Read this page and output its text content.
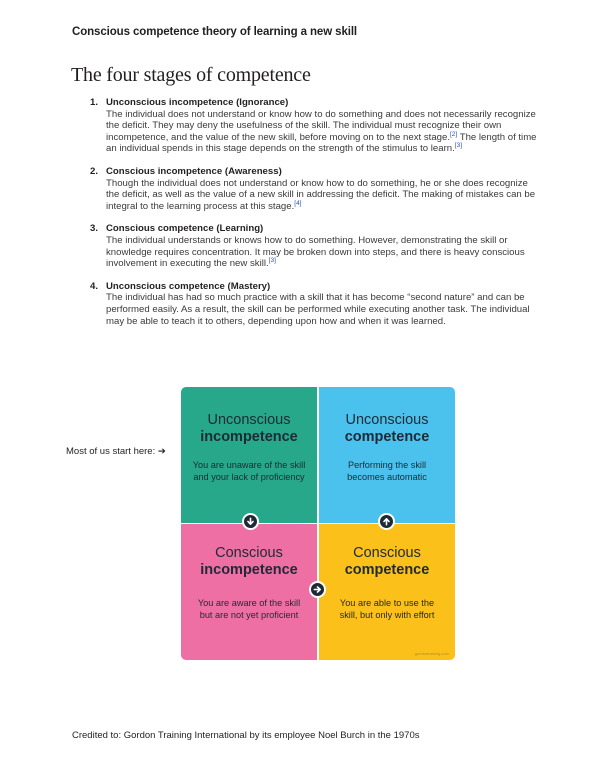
Conscious competence theory of learning a new skill
The four stages of competence
1. Unconscious incompetence (Ignorance)
The individual does not understand or know how to do something and does not necessarily recognize the deficit. They may deny the usefulness of the skill. The individual must recognize their own incompetence, and the value of the new skill, before moving on to the next stage.[2] The length of time an individual spends in this stage depends on the strength of the stimulus to learn.[3]
2. Conscious incompetence (Awareness)
Though the individual does not understand or know how to do something, he or she does recognize the deficit, as well as the value of a new skill in addressing the deficit. The making of mistakes can be integral to the learning process at this stage.[4]
3. Conscious competence (Learning)
The individual understands or knows how to do something. However, demonstrating the skill or knowledge requires concentration. It may be broken down into steps, and there is heavy conscious involvement in executing the new skill.[3]
4. Unconscious competence (Mastery)
The individual has had so much practice with a skill that it has become “second nature” and can be performed easily. As a result, the skill can be performed while executing another task. The individual may be able to teach it to others, depending upon how and when it was learned.
Most of us start here: ➔
Unconscious
incompetence
You are unaware of the skill and your lack of proficiency
Unconscious
competence
Performing the skill becomes automatic
Conscious
incompetence
You are aware of the skill but are not yet proficient
Conscious
competence
You are able to use the skill, but only with effort
gordontraining.com
Credited to: Gordon Training International by its employee Noel Burch in the 1970s
